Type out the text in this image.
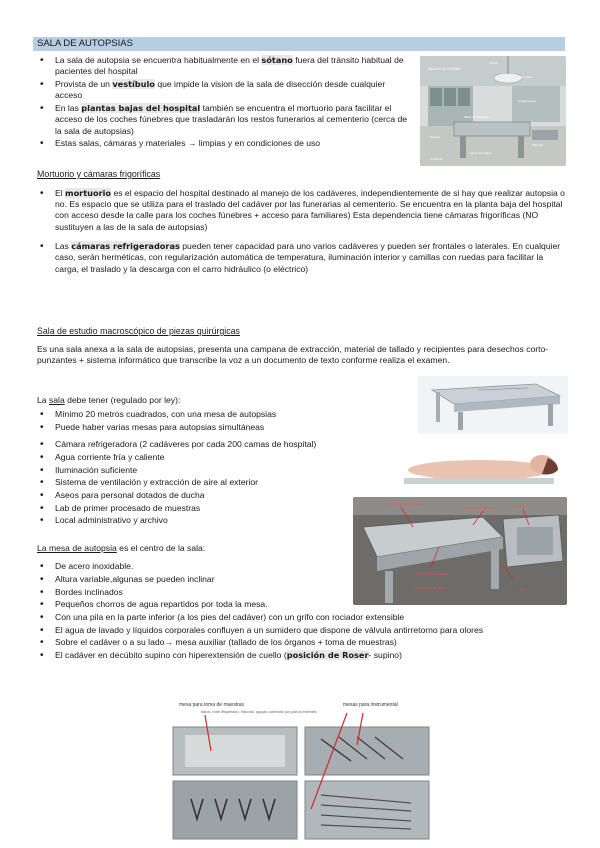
SALA DE AUTOPSIAS
• La sala de autopsia se encuentra habitualmente en el sótano fuera del tránsito habitual de pacientes del hospital
• Provista de un vestíbulo que impide la vision de la sala de disección desde cualquier acceso
• En las plantas bajas del hospital también se encuentra el mortuorio para facilitar el acceso de los coches fúnebres que trasladarán los restos funerarios al cementerio (cerca de la sala de autopsias)
• Estas salas, cámaras y materiales → limpias y en condiciones de uso
SALA DE AUTOPSIAS
Grifos
Mesa de autopsias
Mesa quirúrgica
Negatoscopio
Balanza
Lámpara
Bisturís
Cucharas
Mortuorio y cámaras frigoríficas
• El mortuorio es el espacio del hospital destinado al manejo de los cadáveres, independientemente de si hay que realizar autopsia o no. Es espacio que se utiliza para el traslado del cadáver por las funerarias al cementerio. Se encuentra en la planta baja del hospital con acceso desde la calle para los coches fúnebres + acceso para familiares) Esta dependencia tiene cámaras frigoríficas (NO sustituyen a las de la sala de autopsias)
• Las cámaras refrigeradoras pueden tener capacidad para uno varios cadáveres y pueden ser frontales o laterales. En cualquier caso, serán herméticas, con regularización automática de temperatura, iluminación interior y camillas con ruedas para facilitar la carga, el traslado y la descarga con el carro hidráulico (o eléctrico)
Sala de estudio macroscópico de piezas quirúrgicas

Es una sala anexa a la sala de autopsias, presenta una campana de extracción, material de tallado y recipientes para desechos corto- punzantes + sistema informático que transcribe la voz a un documento de texto conforme realiza el examen.

La sala debe tener (regulado por ley):
• Mínimo 20 metros cuadrados, con una mesa de autopsias
• Puede haber varias mesas para autopsias simultáneas
• Cámara refrigeradora (2 cadáveres por cada 200 camas de hospital)
• Agua corriente fría y caliente
• Iluminación suficiente
• Sistema de ventilación y extracción de aire al exterior
• Aseos para personal dotados de ducha
• Lab de primer procesado de muestras
• Local administrativo y archivo
La mesa de autopsia es el centro de la sala:
• De acero inoxidable.
• Altura variable,algunas se pueden inclinar
• Bordes inclinados
• Pequeños chorros de agua repartidos por toda la mesa.
• Con una pila en la parte inferior (a los pies del cadáver) con un grifo con rociador extensible
• El agua de lavado y líquidos corporales confluyen a un sumidero que dispone de válvula antirretorno para olores
• Sobre el cadáver o a su lado→ mesa auxiliar (tallado de los órganos + toma de muestras)
• El cadáver en decúbito supino con hiperextensión de cuello (posición de Roser- supino)
VOLUMEN DE DESAGÜE
MESA DE DISECCIÓN	ROCIADOR
PILA
INCLINACIÓN DE MESA
ELEVACIÓN DE MESA
mesa para toma de muestras
tubos, bote etiquetado, historial, agujas cubiertas por paños estériles
mesas para instrumental
